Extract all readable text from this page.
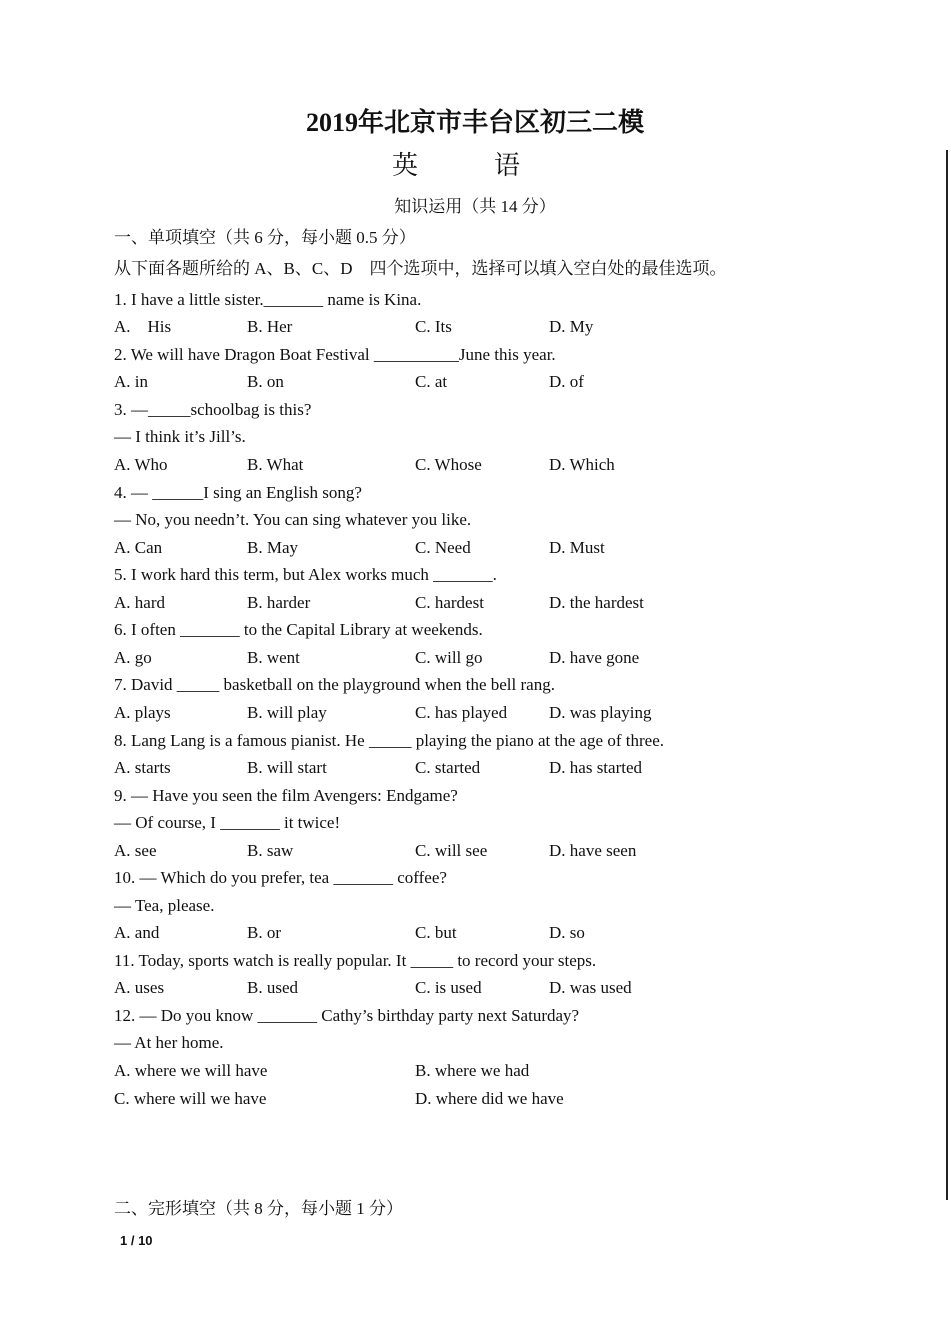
2019年北京市丰台区初三二模
英	语
知识运用（共 14 分）
一、单项填空（共 6 分，每小题 0.5 分）
从下面各题所给的 A、B、C、D　四个选项中，选择可以填入空白处的最佳选项。
1. I have a little sister._______ name is Kina.
A.　His	B. Her	C. Its	D. My
2. We will have Dragon Boat Festival __________June this year.
A. in	B. on	C. at	D. of
3. —_____schoolbag is this?
— I think it’s Jill’s.
A. Who	B. What	C. Whose	D. Which
4. — ______I sing an English song?
— No, you needn’t. You can sing whatever you like.
A. Can	B. May	C. Need	D. Must
5. I work hard this term, but Alex works much _______.
A. hard	B. harder	C. hardest	D. the hardest
6. I often _______ to the Capital Library at weekends.
A. go	B. went	C. will go	D. have gone
7. David _____ basketball on the playground when the bell rang.
A. plays	B. will play	C. has played D. was playing
8. Lang Lang is a famous pianist. He _____ playing the piano at the age of three.
A. starts	B. will start	C. started	D. has started
9. — Have you seen the film Avengers: Endgame?
— Of course, I _______ it twice!
A. see	B. saw	C. will see	D. have seen
10. — Which do you prefer, tea _______ coffee?
— Tea, please.
A. and	B. or	C. but	D. so
11. Today, sports watch is really popular. It _____ to record your steps.
A. uses	B. used	C. is used	D. was used
12. — Do you know _______ Cathy’s birthday party next Saturday?
— At her home.
A. where we will have	B. where we had
C. where will we have	D. where did we have
二、完形填空（共 8 分，每小题 1 分）
1 / 10
